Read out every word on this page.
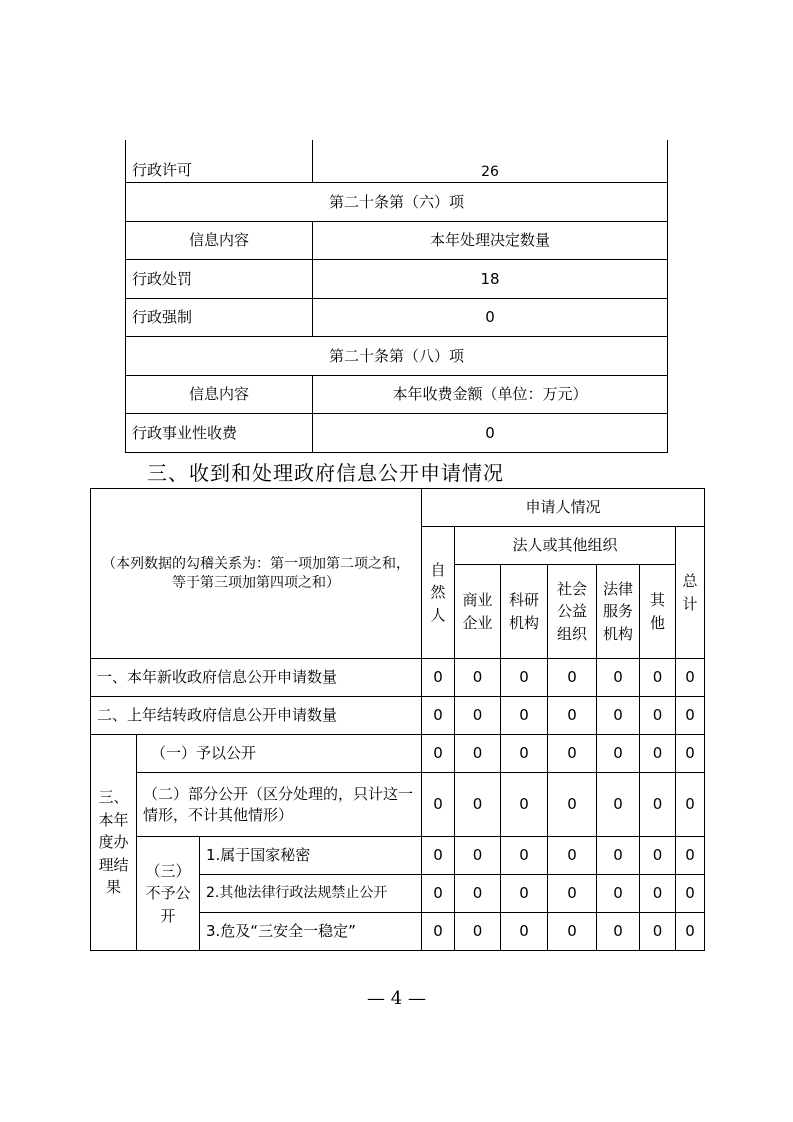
行政许可	26
第二十条第（六）项	
信息内容	本年处理决定数量
行政处罚	18
行政强制	0
第二十条第（八）项	
信息内容	本年收费金额（单位：万元）
行政事业性收费	0
三、收到和处理政府信息公开申请情况
（本列数据的勾稽关系为：第一项加第二项之和，等于第三项加第四项之和）			申请人情况						
			自然人	法人或其他组织					总计
				商业企业	科研机构	社会公益组织	法律服务机构	其他	
一、本年新收政府信息公开申请数量			0	0	0	0	0	0	0
二、上年结转政府信息公开申请数量			0	0	0	0	0	0	0
三、本年度办理结果	（一）予以公开		0	0	0	0	0	0	0
	（二）部分公开（区分处理的，只计这一情形，不计其他情形）		0	0	0	0	0	0	0
	（三）不予公开	1.属于国家秘密	0	0	0	0	0	0	0
		2.其他法律行政法规禁止公开	0	0	0	0	0	0	0
		3.危及“三安全一稳定”	0	0	0	0	0	0	0
— 4 —
